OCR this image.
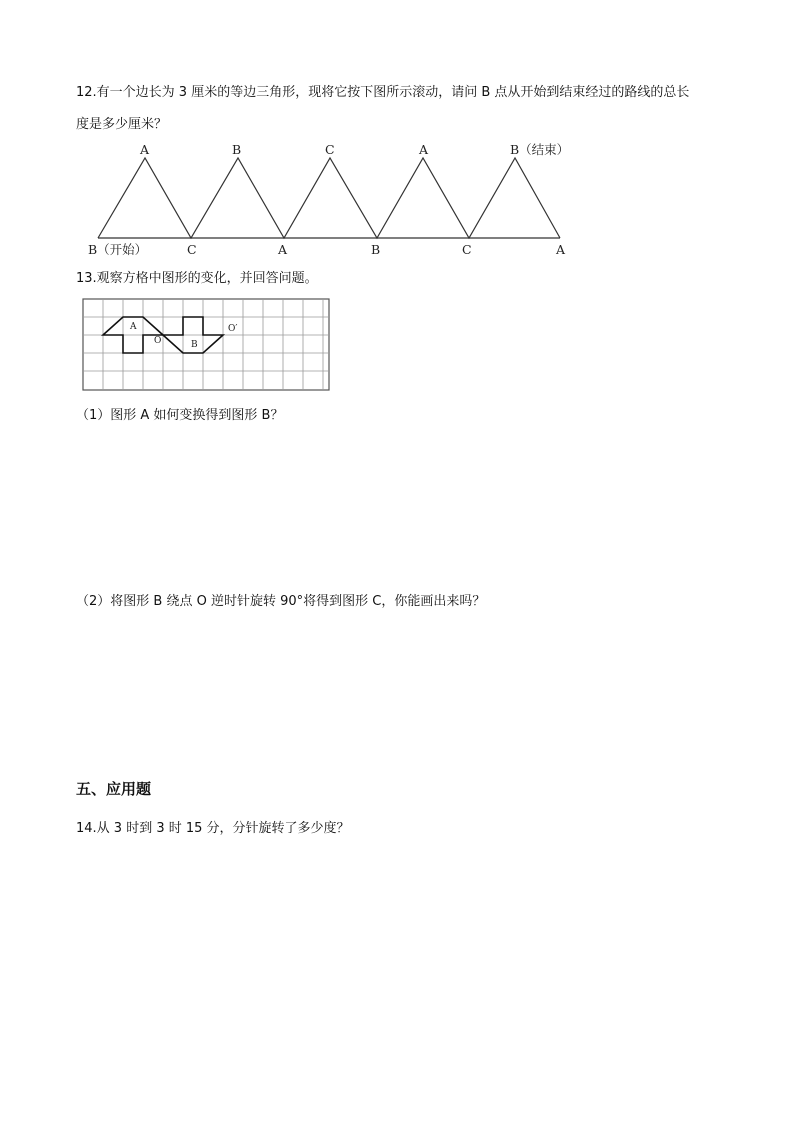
12.有一个边长为 3 厘米的等边三角形，现将它按下图所示滚动，请问 B 点从开始到结束经过的路线的总长
度是多少厘米？
A	B	C	A	B（结束）
B（开始）	C	A	B	C	A
13.观察方格中图形的变化，并回答问题。
A
B
O
O′
（1）图形 A 如何变换得到图形 B？
（2）将图形 B 绕点 O 逆时针旋转 90°将得到图形 C，你能画出来吗？
五、应用题
14.从 3 时到 3 时 15 分，分针旋转了多少度？
